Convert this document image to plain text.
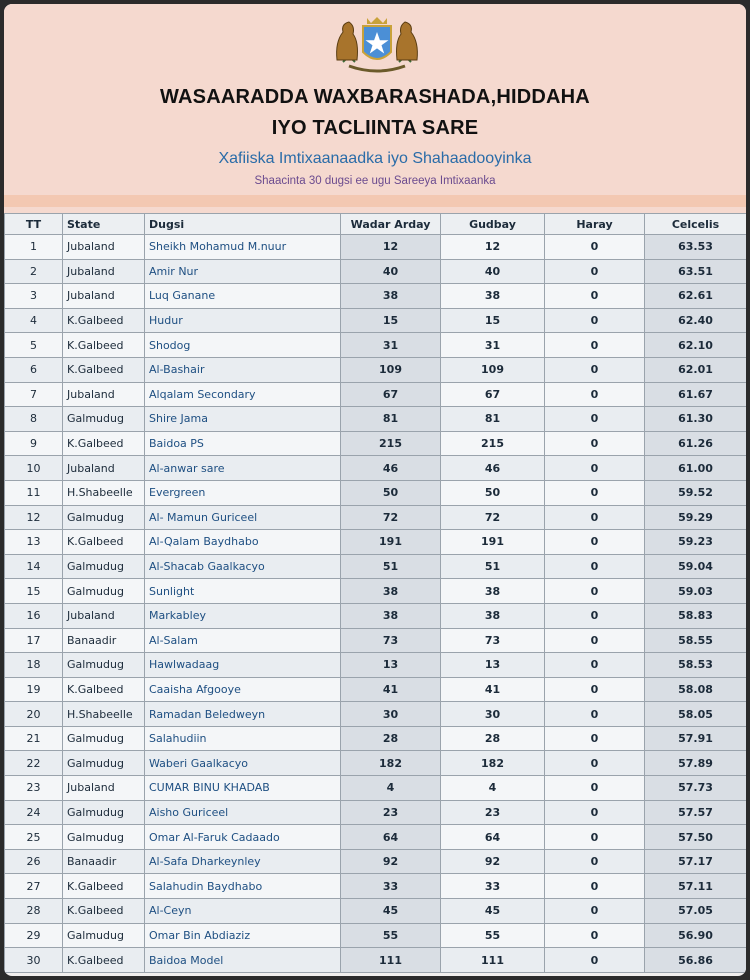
WASAARADDA WAXBARASHADA,HIDDAHA
IYO TACLIINTA SARE
Xafiiska Imtixaanaadka iyo Shahaadooyinka
Shaacinta 30 dugsi ee ugu Sareeya Imtixaanka
TT	State	Dugsi	Wadar Arday	Gudbay	Haray	Celcelis
1	Jubaland	Sheikh Mohamud M.nuur	12	12	0	63.53
2	Jubaland	Amir Nur	40	40	0	63.51
3	Jubaland	Luq Ganane	38	38	0	62.61
4	K.Galbeed	Hudur	15	15	0	62.40
5	K.Galbeed	Shodog	31	31	0	62.10
6	K.Galbeed	Al-Bashair	109	109	0	62.01
7	Jubaland	Alqalam Secondary	67	67	0	61.67
8	Galmudug	Shire Jama	81	81	0	61.30
9	K.Galbeed	Baidoa PS	215	215	0	61.26
10	Jubaland	Al-anwar sare	46	46	0	61.00
11	H.Shabeelle	Evergreen	50	50	0	59.52
12	Galmudug	Al- Mamun Guriceel	72	72	0	59.29
13	K.Galbeed	Al-Qalam Baydhabo	191	191	0	59.23
14	Galmudug	Al-Shacab Gaalkacyo	51	51	0	59.04
15	Galmudug	Sunlight	38	38	0	59.03
16	Jubaland	Markabley	38	38	0	58.83
17	Banaadir	Al-Salam	73	73	0	58.55
18	Galmudug	Hawlwadaag	13	13	0	58.53
19	K.Galbeed	Caaisha Afgooye	41	41	0	58.08
20	H.Shabeelle	Ramadan Beledweyn	30	30	0	58.05
21	Galmudug	Salahudiin	28	28	0	57.91
22	Galmudug	Waberi Gaalkacyo	182	182	0	57.89
23	Jubaland	CUMAR BINU KHADAB	4	4	0	57.73
24	Galmudug	Aisho Guriceel	23	23	0	57.57
25	Galmudug	Omar Al-Faruk Cadaado	64	64	0	57.50
26	Banaadir	Al-Safa Dharkeynley	92	92	0	57.17
27	K.Galbeed	Salahudin Baydhabo	33	33	0	57.11
28	K.Galbeed	Al-Ceyn	45	45	0	57.05
29	Galmudug	Omar Bin Abdiaziz	55	55	0	56.90
30	K.Galbeed	Baidoa Model	111	111	0	56.86
